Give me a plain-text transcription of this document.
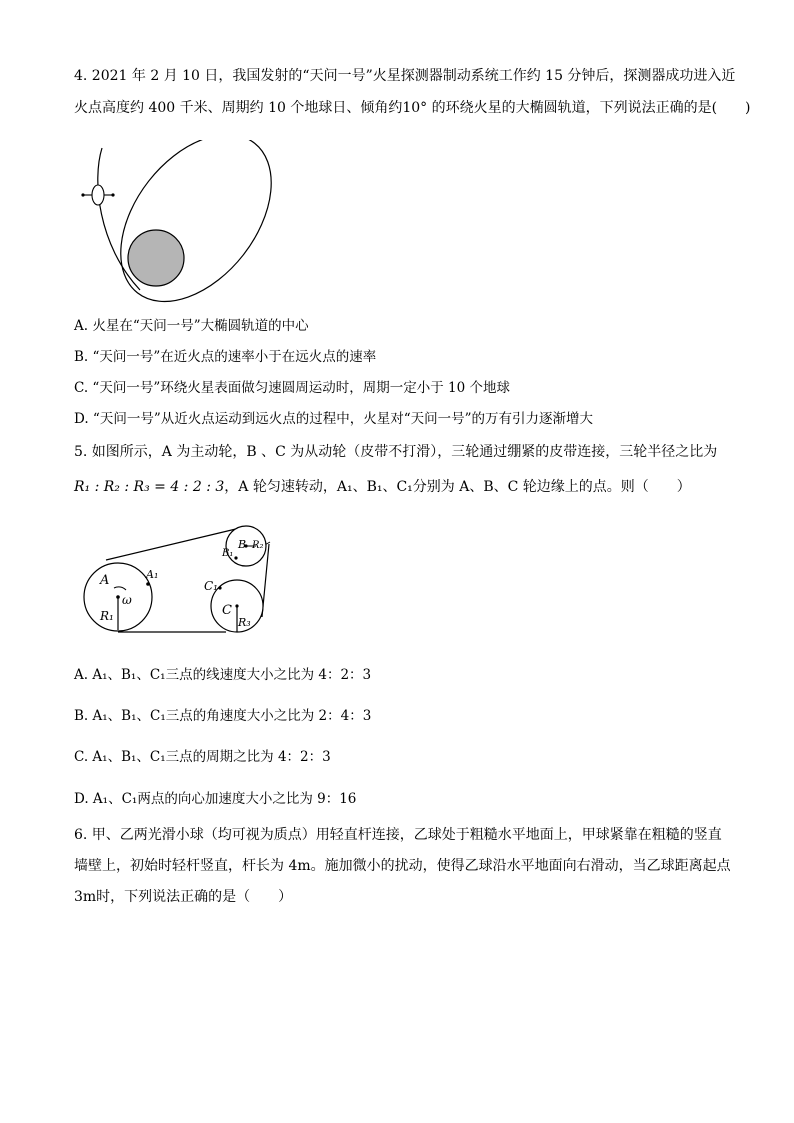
4. 2021 年 2 月 10 日，我国发射的“天问一号”火星探测器制动系统工作约 15 分钟后，探测器成功进入近
火点高度约 400 千米、周期约 10 个地球日、倾角约10° 的环绕火星的大椭圆轨道，下列说法正确的是(　　)
A. 火星在“天问一号”大椭圆轨道的中心
B. “天问一号”在近火点的速率小于在远火点的速率
C. “天问一号”环绕火星表面做匀速圆周运动时，周期一定小于 10 个地球
D. “天问一号”从近火点运动到远火点的过程中，火星对“天问一号”的万有引力逐渐增大
5. 如图所示，A 为主动轮，B 、C 为从动轮（皮带不打滑），三轮通过绷紧的皮带连接，三轮半径之比为
R₁ : R₂ : R₃ = 4 : 2 : 3，A 轮匀速转动，A₁、B₁、C₁分别为 A、B、C 轮边缘上的点。则（　　）
A	A₁
ω
R₁
B
B₁
R₂
C₁
C
R₃
A. A₁、B₁、C₁三点的线速度大小之比为 4：2：3
B. A₁、B₁、C₁三点的角速度大小之比为 2：4：3
C. A₁、B₁、C₁三点的周期之比为 4：2：3
D. A₁、C₁两点的向心加速度大小之比为 9：16
6. 甲、乙两光滑小球（均可视为质点）用轻直杆连接，乙球处于粗糙水平地面上，甲球紧靠在粗糙的竖直
墙壁上，初始时轻杆竖直，杆长为 4m。施加微小的扰动，使得乙球沿水平地面向右滑动，当乙球距离起点
3m时，下列说法正确的是（　　）
